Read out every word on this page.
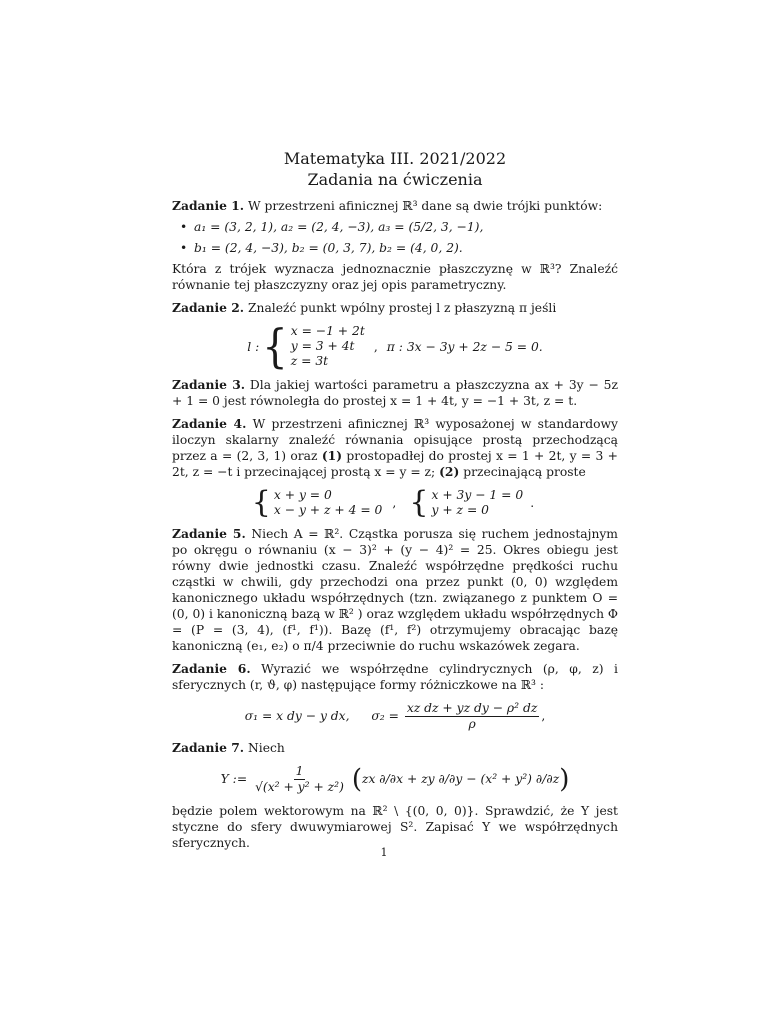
Matematyka III. 2021/2022
Zadania na ćwiczenia
Zadanie 1. W przestrzeni afinicznej ℝ³ dane są dwie trójki punktów:
• a₁ = (3, 2, 1), a₂ = (2, 4, −3), a₃ = (5/2, 3, −1),
• b₁ = (2, 4, −3), b₂ = (0, 3, 7), b₂ = (4, 0, 2).
Która z trójek wyznacza jednoznacznie płaszczyznę w ℝ³? Znaleźć równanie tej płaszczyzny oraz jej opis parametryczny.
Zadanie 2. Znaleźć punkt wpólny prostej l z płaszyzną π jeśli
l : { x = −1 + 2t
y = 3 + 4t
z = 3t
, π : 3x − 3y + 2z − 5 = 0.
Zadanie 3. Dla jakiej wartości parametru a płaszczyzna ax + 3y − 5z + 1 = 0 jest równoległa do prostej x = 1 + 4t, y = −1 + 3t, z = t.
Zadanie 4. W przestrzeni afinicznej ℝ³ wyposażonej w standardowy iloczyn skalarny znaleźć równania opisujące prostą przechodzącą przez a = (2, 3, 1) oraz (1) prostopadłej do prostej x = 1 + 2t, y = 3 + 2t, z = −t i przecinającej prostą x = y = z; (2) przecinającą proste
{ x + y = 0
x − y + z + 4 = 0 , { x + 3y − 1 = 0
y + z = 0	.
Zadanie 5. Niech A = ℝ². Cząstka porusza się ruchem jednostajnym po okręgu o równaniu (x − 3)² + (y − 4)² = 25. Okres obiegu jest równy dwie jednostki czasu. Znaleźć współrzędne prędkości ruchu cząstki w chwili, gdy przechodzi ona przez punkt (0, 0) względem kanonicznego układu współrzędnych (tzn. związanego z punktem O = (0, 0) i kanoniczną bazą w ℝ² ) oraz względem układu współrzędnych Φ = (P = (3, 4), (f¹, f¹)). Bazę (f¹, f²) otrzymujemy obracając bazę kanoniczną (e₁, e₂) o π/4 przeciwnie do ruchu wskazówek zegara.
Zadanie 6. Wyrazić we współrzędne cylindrycznych (ρ, φ, z) i sferycznych (r, ϑ, φ) następujące formy różniczkowe na ℝ³ :
σ₁ = x dy − y dx, $\sigma_2 = \frac{\text{xz dz + yz dy − ρ² dz}}{\rho}$ ,
Zadanie 7. Niech
Y := $\frac{1}{\text{√(x² + y² + z²)}} (zx$ ∂/∂x + zy ∂/∂y − (x² + y²) ∂/∂z)
będzie polem wektorowym na ℝ² \ {(0, 0, 0)}. Sprawdzić, że Y jest styczne do sfery dwuwymiarowej S². Zapisać Y we współrzędnych sferycznych.
1
